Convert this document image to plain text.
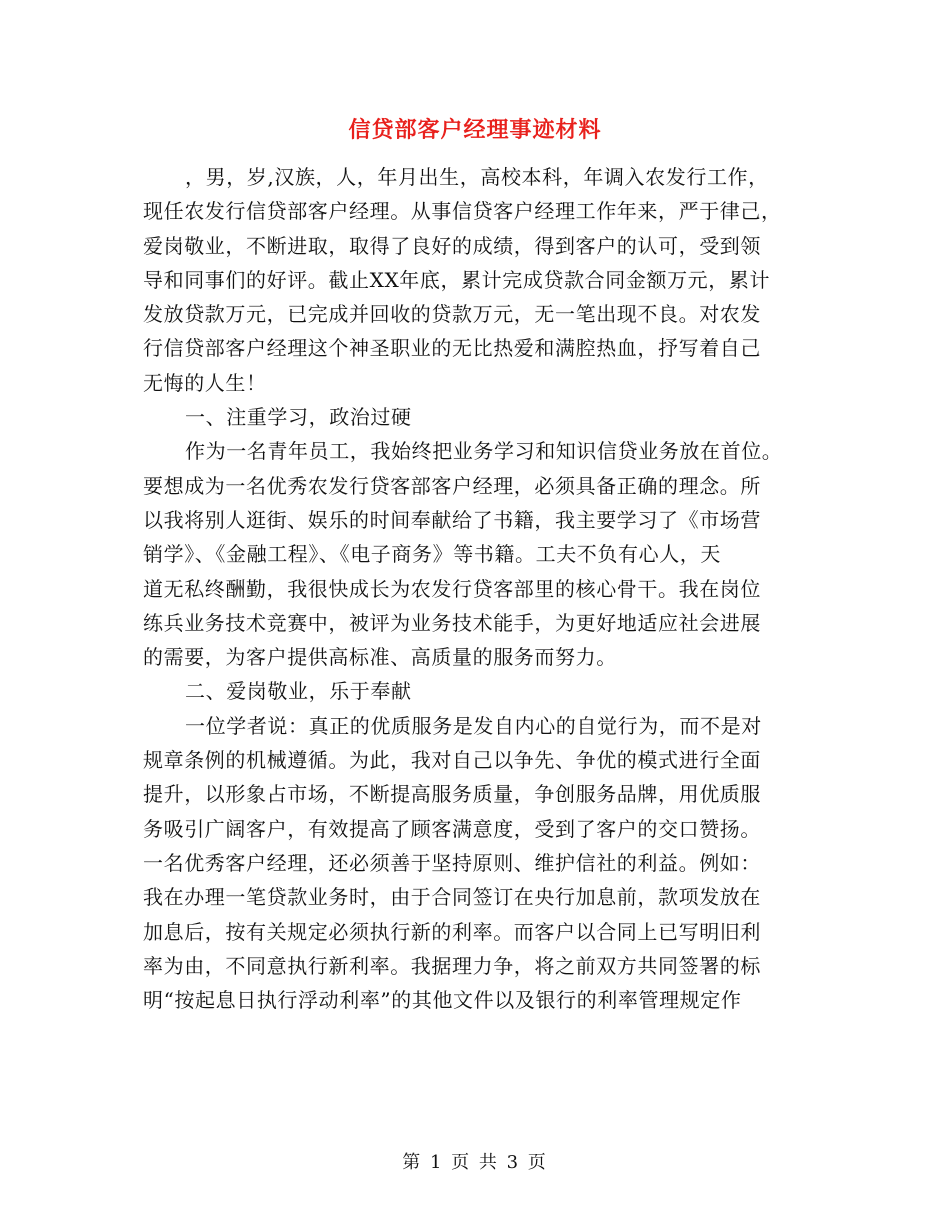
信贷部客户经理事迹材料
，男，岁,汉族，人，年月出生，高校本科，年调入农发行工作，
现任农发行信贷部客户经理。从事信贷客户经理工作年来，严于律己，
爱岗敬业，不断进取，取得了良好的成绩，得到客户的认可，受到领
导和同事们的好评。截止XX年底，累计完成贷款合同金额万元，累计
发放贷款万元，已完成并回收的贷款万元，无一笔出现不良。对农发
行信贷部客户经理这个神圣职业的无比热爱和满腔热血，抒写着自己
无悔的人生！
一、注重学习，政治过硬
作为一名青年员工，我始终把业务学习和知识信贷业务放在首位。
要想成为一名优秀农发行贷客部客户经理，必须具备正确的理念。所
以我将别人逛街、娱乐的时间奉献给了书籍，我主要学习了《市场营
销学》、《金融工程》、《电子商务》等书籍。工夫不负有心人，天
道无私终酬勤，我很快成长为农发行贷客部里的核心骨干。我在岗位
练兵业务技术竞赛中，被评为业务技术能手，为更好地适应社会进展
的需要，为客户提供高标准、高质量的服务而努力。
二、爱岗敬业，乐于奉献
一位学者说：真正的优质服务是发自内心的自觉行为，而不是对
规章条例的机械遵循。为此，我对自己以争先、争优的模式进行全面
提升，以形象占市场，不断提高服务质量，争创服务品牌，用优质服
务吸引广阔客户，有效提高了顾客满意度，受到了客户的交口赞扬。
一名优秀客户经理，还必须善于坚持原则、维护信社的利益。例如：
我在办理一笔贷款业务时，由于合同签订在央行加息前，款项发放在
加息后，按有关规定必须执行新的利率。而客户以合同上已写明旧利
率为由，不同意执行新利率。我据理力争，将之前双方共同签署的标
明“按起息日执行浮动利率”的其他文件以及银行的利率管理规定作
第 1 页 共 3 页
